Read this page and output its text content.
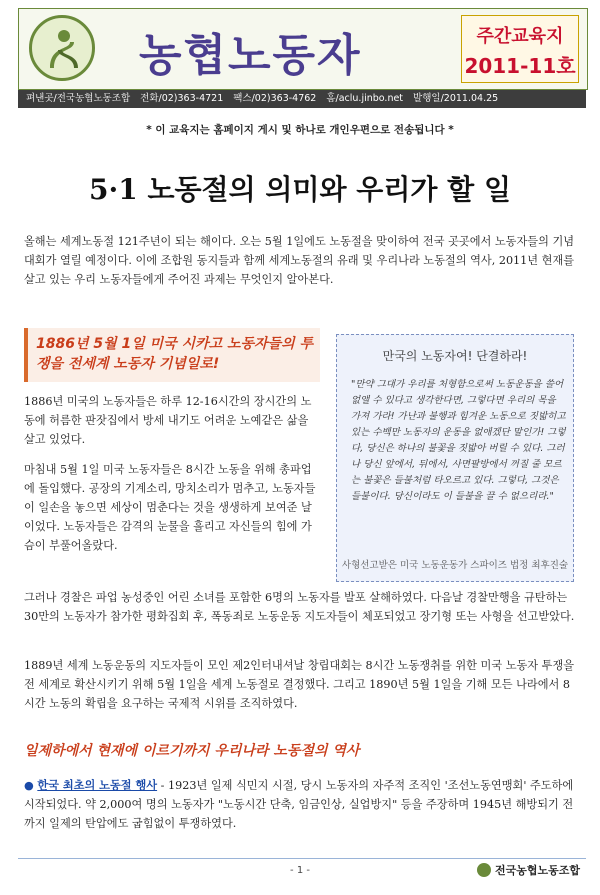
농협노동자	주간교육지
2011-11호
펴낸곳/전국농협노동조합 전화/02)363-4721 팩스/02)363-4762 홈/aclu.jinbo.net 발행일/2011.04.25
* 이 교육지는 홈페이지 게시 및 하나로 개인우편으로 전송됩니다 *
5·1 노동절의 의미와 우리가 할 일

올해는 세계노동절 121주년이 되는 해이다. 오는 5월 1일에도 노동절을 맞이하여 전국 곳곳에서 노동자들의 기념대회가 열릴 예정이다. 이에 조합원 동지들과 함께 세계노동절의 유래 및 우리나라 노동절의 역사, 2011년 현재를 살고 있는 우리 노동자들에게 주어진 과제는 무엇인지 알아본다.

1886년 5월 1일 미국 시카고 노동자들의 투쟁을 전세계 노동자 기념일로!	만국의 노동자여! 단결하라!

"만약 그대가 우리를 처형함으로써 노동운동을 쓸어 없앨 수 있다고 생각한다면, 그렇다면 우리의 목을 가져 가라! 가난과 불행과 힘겨운 노동으로 짓밟히고 있는 수백만 노동자의 운동을 없애겠단 말인가! 그렇다, 당신은 하나의 불꽃을 짓밟아 버릴 수 있다. 그러나 당신 앞에서, 뒤에서, 사면팔방에서 꺼질 줄 모르는 불꽃은 들불처럼 타오르고 있다. 그렇다, 그것은 들불이다. 당신이라도 이 들불을 끌 수 없으리라."

사형선고받은 미국 노동운동가 스파이즈 법정 최후진술

1886년 미국의 노동자들은 하루 12-16시간의 장시간의 노동에 허름한 판잣집에서 방세 내기도 어려운 노예같은 삶을 살고 있었다.

마침내 5월 1일 미국 노동자들은 8시간 노동을 위해 총파업에 돌입했다. 공장의 기계소리, 망치소리가 멈추고, 노동자들이 일손을 놓으면 세상이 멈춘다는 것을 생생하게 보여준 날이었다. 노동자들은 감격의 눈물을 흘리고 자신들의 힘에 가슴이 부풀어올랐다.

그러나 경찰은 파업 농성중인 어린 소녀를 포함한 6명의 노동자를 발포 살해하였다. 다음날 경찰만행을 규탄하는 30만의 노동자가 참가한 평화집회 후, 폭동죄로 노동운동 지도자들이 체포되었고 장기형 또는 사형을 선고받았다.

1889년 세계 노동운동의 지도자들이 모인 제2인터내셔날 창립대회는 8시간 노동쟁취를 위한 미국 노동자 투쟁을 전 세계로 확산시키기 위해 5월 1일을 세계 노동절로 결정했다. 그리고 1890년 5월 1일을 기해 모든 나라에서 8시간 노동의 확립을 요구하는 국제적 시위를 조직하였다.

일제하에서 현재에 이르기까지 우리나라 노동절의 역사

● 한국 최초의 노동절 행사 - 1923년 일제 식민지 시절, 당시 노동자의 자주적 조직인 '조선노동연맹회' 주도하에 시작되었다. 약 2,000여 명의 노동자가 "노동시간 단축, 임금인상, 실업방지" 등을 주장하며 1945년 해방되기 전까지 일제의 탄압에도 굽힘없이 투쟁하였다.

- 1 -	전국농협노동조합
